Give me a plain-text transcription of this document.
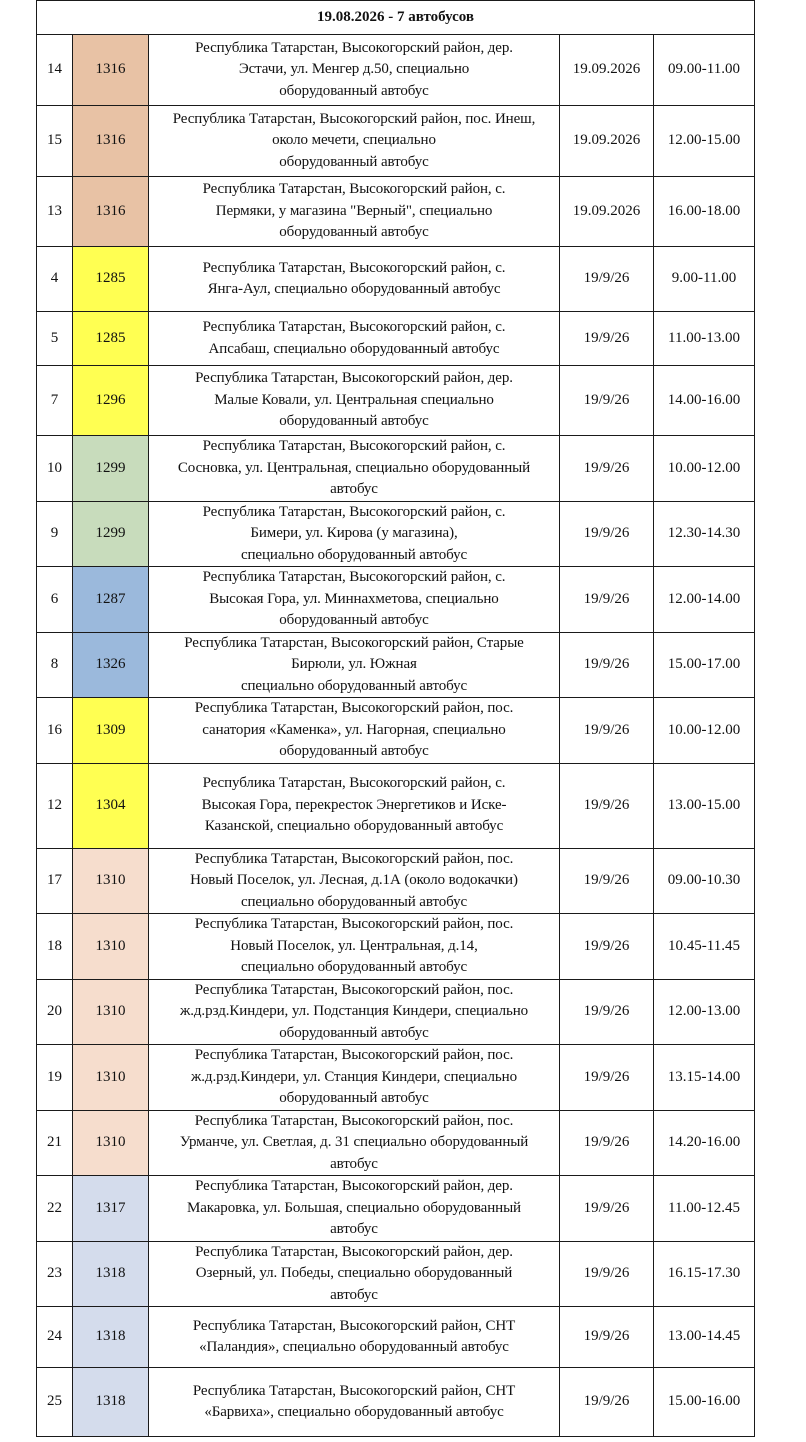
19.08.2026 - 7 автобусов				
14	1316	Республика Татарстан, Высокогорский район, дер.
Эстачи, ул. Менгер д.50, специально
оборудованный автобус	19.09.2026	09.00-11.00
15	1316	Республика Татарстан, Высокогорский район, пос. Инеш,
около мечети, специально
оборудованный автобус	19.09.2026	12.00-15.00
13	1316	Республика Татарстан, Высокогорский район, с.
Пермяки, у магазина "Верный", специально
оборудованный автобус	19.09.2026	16.00-18.00
4	1285	Республика Татарстан, Высокогорский район, с.
Янга-Аул, специально оборудованный автобус	19/9/26	9.00-11.00
5	1285	Республика Татарстан, Высокогорский район, с.
Апсабаш, специально оборудованный автобус	19/9/26	11.00-13.00
7	1296	Республика Татарстан, Высокогорский район, дер.
Малые Ковали, ул. Центральная специально
оборудованный автобус	19/9/26	14.00-16.00
10	1299	Республика Татарстан, Высокогорский район, с.
Сосновка, ул. Центральная, специально оборудованный
автобус	19/9/26	10.00-12.00
9	1299	Республика Татарстан, Высокогорский район, с.
Бимери, ул. Кирова (у магазина),
специально оборудованный автобус	19/9/26	12.30-14.30
6	1287	Республика Татарстан, Высокогорский район, с.
Высокая Гора, ул. Миннахметова, специально
оборудованный автобус	19/9/26	12.00-14.00
8	1326	Республика Татарстан, Высокогорский район, Старые
Бирюли, ул. Южная
специально оборудованный автобус	19/9/26	15.00-17.00
16	1309	Республика Татарстан, Высокогорский район, пос.
санатория «Каменка», ул. Нагорная, специально
оборудованный автобус	19/9/26	10.00-12.00
12	1304	Республика Татарстан, Высокогорский район, с.
Высокая Гора, перекресток Энергетиков и Иске-
Казанской, специально оборудованный автобус	19/9/26	13.00-15.00
17	1310	Республика Татарстан, Высокогорский район, пос.
Новый Поселок, ул. Лесная, д.1А (около водокачки)
специально оборудованный автобус	19/9/26	09.00-10.30
18	1310	Республика Татарстан, Высокогорский район, пос.
Новый Поселок, ул. Центральная, д.14,
специально оборудованный автобус	19/9/26	10.45-11.45
20	1310	Республика Татарстан, Высокогорский район, пос.
ж.д.рзд.Киндери, ул. Подстанция Киндери, специально
оборудованный автобус	19/9/26	12.00-13.00
19	1310	Республика Татарстан, Высокогорский район, пос.
ж.д.рзд.Киндери, ул. Станция Киндери, специально
оборудованный автобус	19/9/26	13.15-14.00
21	1310	Республика Татарстан, Высокогорский район, пос.
Урманче, ул. Светлая, д. 31 специально оборудованный
автобус	19/9/26	14.20-16.00
22	1317	Республика Татарстан, Высокогорский район, дер.
Макаровка, ул. Большая, специально оборудованный
автобус	19/9/26	11.00-12.45
23	1318	Республика Татарстан, Высокогорский район, дер.
Озерный, ул. Победы, специально оборудованный
автобус	19/9/26	16.15-17.30
24	1318	Республика Татарстан, Высокогорский район, СНТ
«Паландия», специально оборудованный автобус	19/9/26	13.00-14.45
25	1318	Республика Татарстан, Высокогорский район, СНТ
«Барвиха», специально оборудованный автобус	19/9/26	15.00-16.00
